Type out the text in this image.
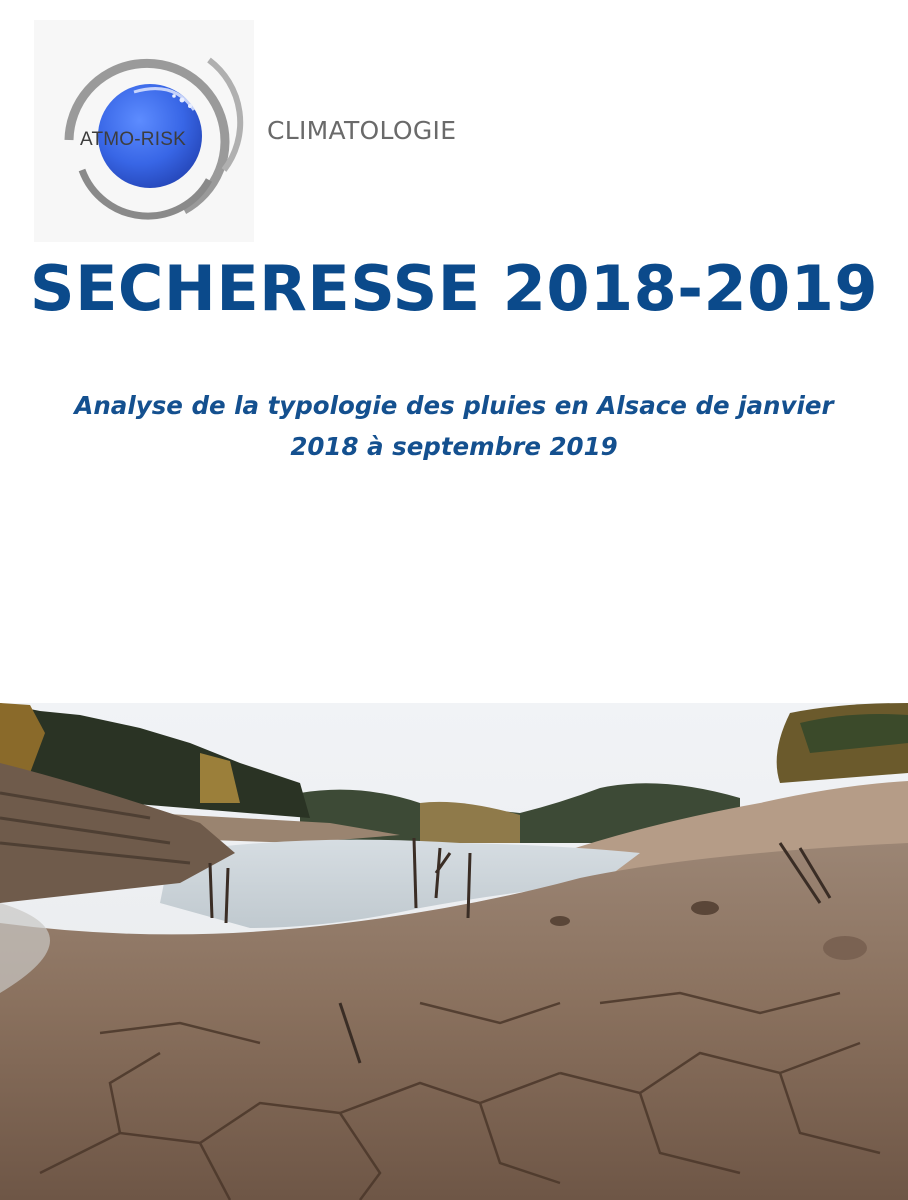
ATMO-RISK	CLIMATOLOGIE
SECHERESSE 2018-2019
Analyse de la typologie des pluies en Alsace de janvier
2018 à septembre 2019
